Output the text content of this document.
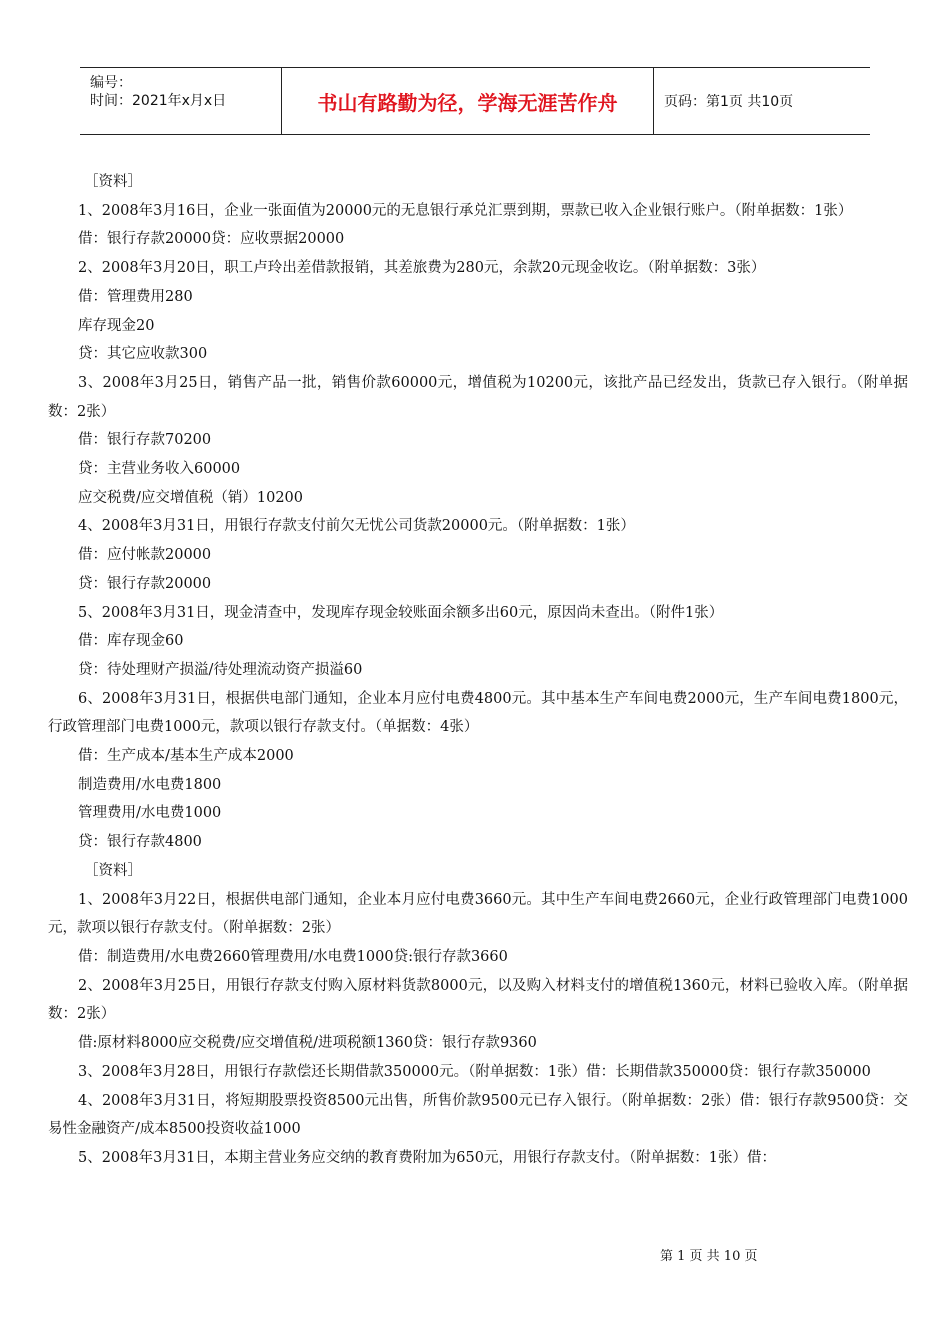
编号：
时间：2021年x月x日	书山有路勤为径，学海无涯苦作舟	页码：第1页 共10页

［资料］

1、2008年3月16日，企业一张面值为20000元的无息银行承兑汇票到期，票款已收入企业银行账户。（附单据数：1张）

借：银行存款20000贷：应收票据20000

2、2008年3月20日，职工卢玲出差借款报销，其差旅费为280元，余款20元现金收讫。（附单据数：3张）

借：管理费用280

库存现金20

贷：其它应收款300

3、2008年3月25日，销售产品一批，销售价款60000元，增值税为10200元，该批产品已经发出，货款已存入银行。（附单据数：2张）

借：银行存款70200

贷：主营业务收入60000

应交税费/应交增值税（销）10200

4、2008年3月31日，用银行存款支付前欠无忧公司货款20000元。（附单据数：1张）

借：应付帐款20000

贷：银行存款20000

5、2008年3月31日，现金清查中，发现库存现金较账面余额多出60元，原因尚未查出。（附件1张）

借：库存现金60

贷：待处理财产损溢/待处理流动资产损溢60

6、2008年3月31日，根据供电部门通知，企业本月应付电费4800元。其中基本生产车间电费2000元，生产车间电费1800元，行政管理部门电费1000元，款项以银行存款支付。（单据数：4张）

借：生产成本/基本生产成本2000

制造费用/水电费1800

管理费用/水电费1000

贷：银行存款4800

［资料］

1、2008年3月22日，根据供电部门通知，企业本月应付电费3660元。其中生产车间电费2660元，企业行政管理部门电费1000元，款项以银行存款支付。（附单据数：2张）

借：制造费用/水电费2660管理费用/水电费1000贷:银行存款3660

2、2008年3月25日，用银行存款支付购入原材料货款8000元，以及购入材料支付的增值税1360元，材料已验收入库。（附单据数：2张）

借:原材料8000应交税费/应交增值税/进项税额1360贷：银行存款9360

3、2008年3月28日，用银行存款偿还长期借款350000元。（附单据数：1张）借：长期借款350000贷：银行存款350000

4、2008年3月31日，将短期股票投资8500元出售，所售价款9500元已存入银行。（附单据数：2张）借：银行存款9500贷：交易性金融资产/成本8500投资收益1000

5、2008年3月31日，本期主营业务应交纳的教育费附加为650元，用银行存款支付。（附单据数：1张）借：

第 1 页 共 10 页
